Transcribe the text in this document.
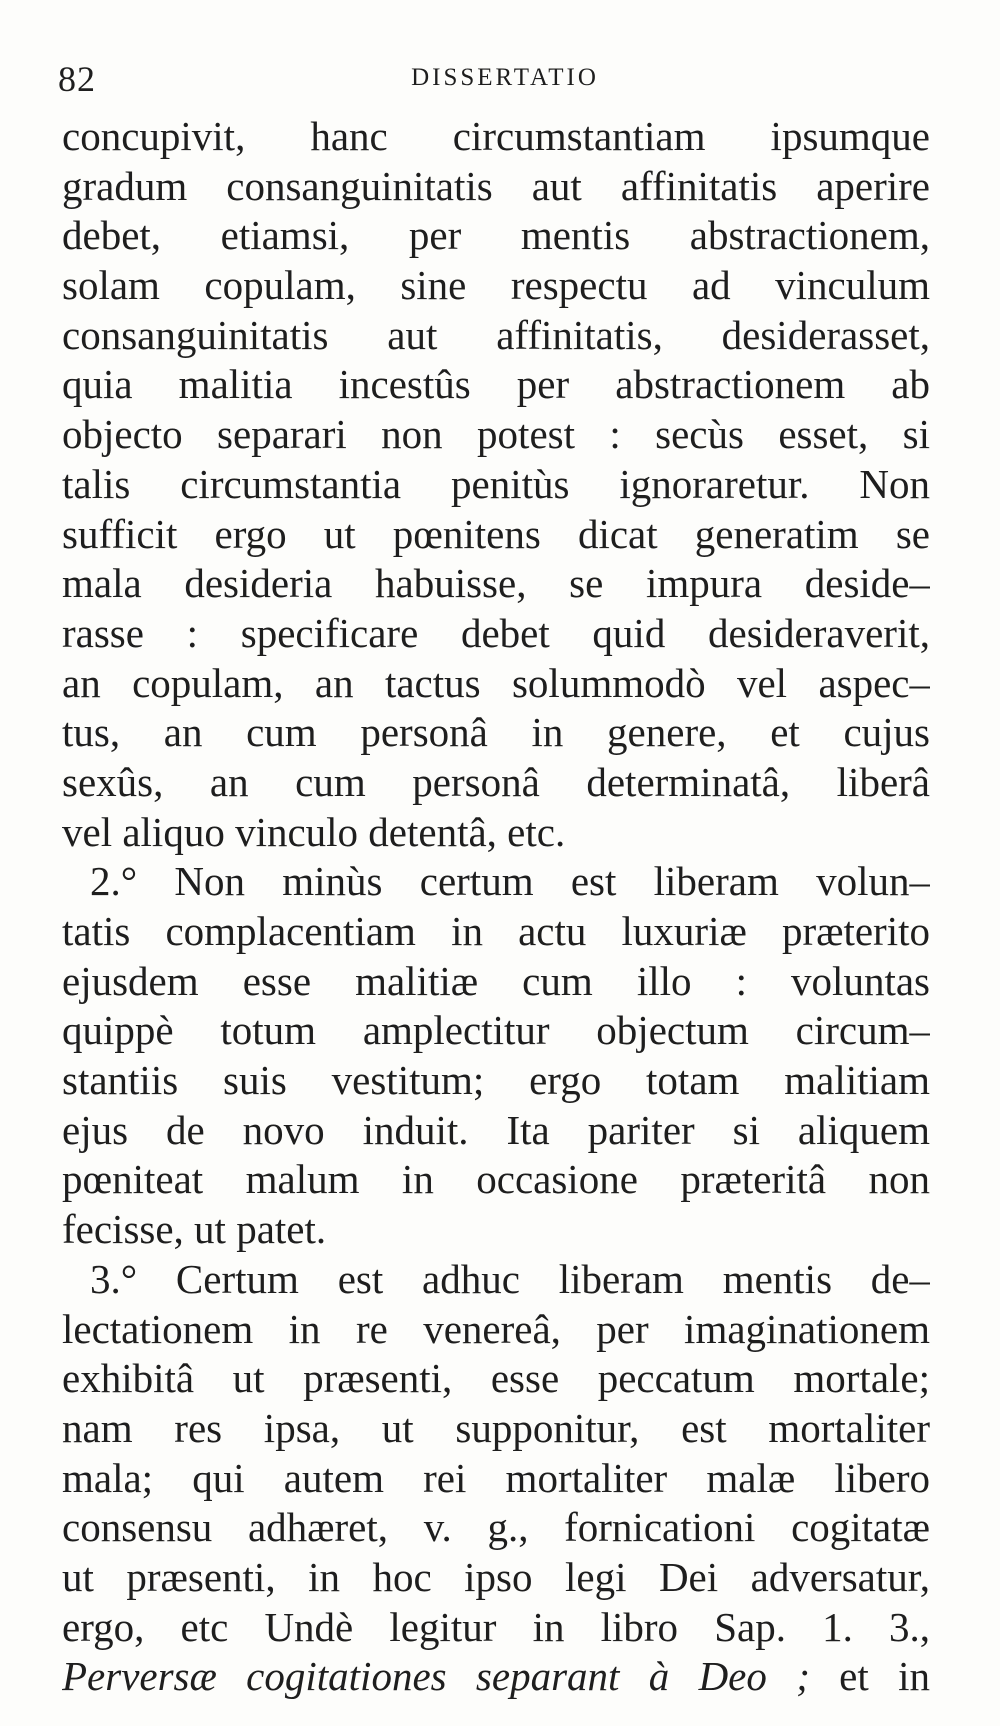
82	DISSERTATIO
concupivit, hanc circumstantiam ipsumque
gradum consanguinitatis aut affinitatis aperire
debet, etiamsi, per mentis abstractionem,
solam copulam, sine respectu ad vinculum
consanguinitatis aut affinitatis, desiderasset,
quia malitia incestûs per abstractionem ab
objecto separari non potest : secùs esset, si
talis circumstantia penitùs ignoraretur. Non
sufficit ergo ut pœnitens dicat generatim se
mala desideria habuisse, se impura deside–
rasse : specificare debet quid desideraverit,
an copulam, an tactus solummodò vel aspec–
tus, an cum personâ in genere, et cujus
sexûs, an cum personâ determinatâ, liberâ
vel aliquo vinculo detentâ, etc.
2.° Non minùs certum est liberam volun–
tatis complacentiam in actu luxuriæ præterito
ejusdem esse malitiæ cum illo : voluntas
quippè totum amplectitur objectum circum–
stantiis suis vestitum; ergo totam malitiam
ejus de novo induit. Ita pariter si aliquem
pœniteat malum in occasione præteritâ non
fecisse, ut patet.
3.° Certum est adhuc liberam mentis de–
lectationem in re venereâ, per imaginationem
exhibitâ ut præsenti, esse peccatum mortale;
nam res ipsa, ut supponitur, est mortaliter
mala; qui autem rei mortaliter malæ libero
consensu adhæret, v. g., fornicationi cogitatæ
ut præsenti, in hoc ipso legi Dei adversatur,
ergo, etc Undè legitur in libro Sap. 1. 3.,
Perversæ cogitationes separant à Deo ; et in
